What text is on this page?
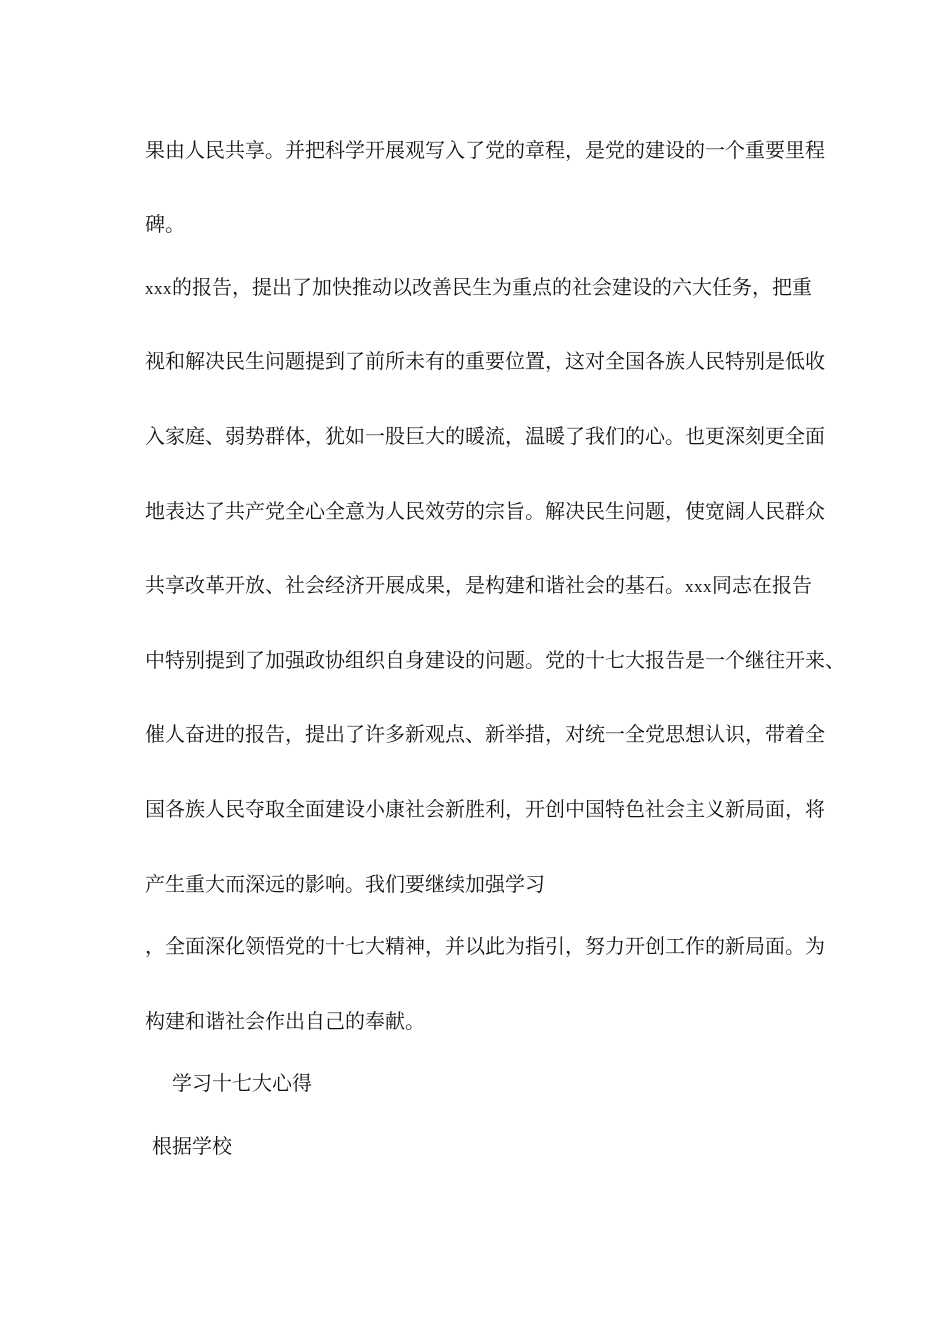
果由人民共享。并把科学开展观写入了党的章程，是党的建设的一个重要里程
碑。
xxx的报告，提出了加快推动以改善民生为重点的社会建设的六大任务，把重
视和解决民生问题提到了前所未有的重要位置，这对全国各族人民特别是低收
入家庭、弱势群体，犹如一股巨大的暖流，温暖了我们的心。也更深刻更全面
地表达了共产党全心全意为人民效劳的宗旨。解决民生问题，使宽阔人民群众
共享改革开放、社会经济开展成果，是构建和谐社会的基石。xxx同志在报告
中特别提到了加强政协组织自身建设的问题。党的十七大报告是一个继往开来、
催人奋进的报告，提出了许多新观点、新举措，对统一全党思想认识，带着全
国各族人民夺取全面建设小康社会新胜利，开创中国特色社会主义新局面，将
产生重大而深远的影响。我们要继续加强学习
，全面深化领悟党的十七大精神，并以此为指引，努力开创工作的新局面。为
构建和谐社会作出自己的奉献。
学习十七大心得
根据学校
